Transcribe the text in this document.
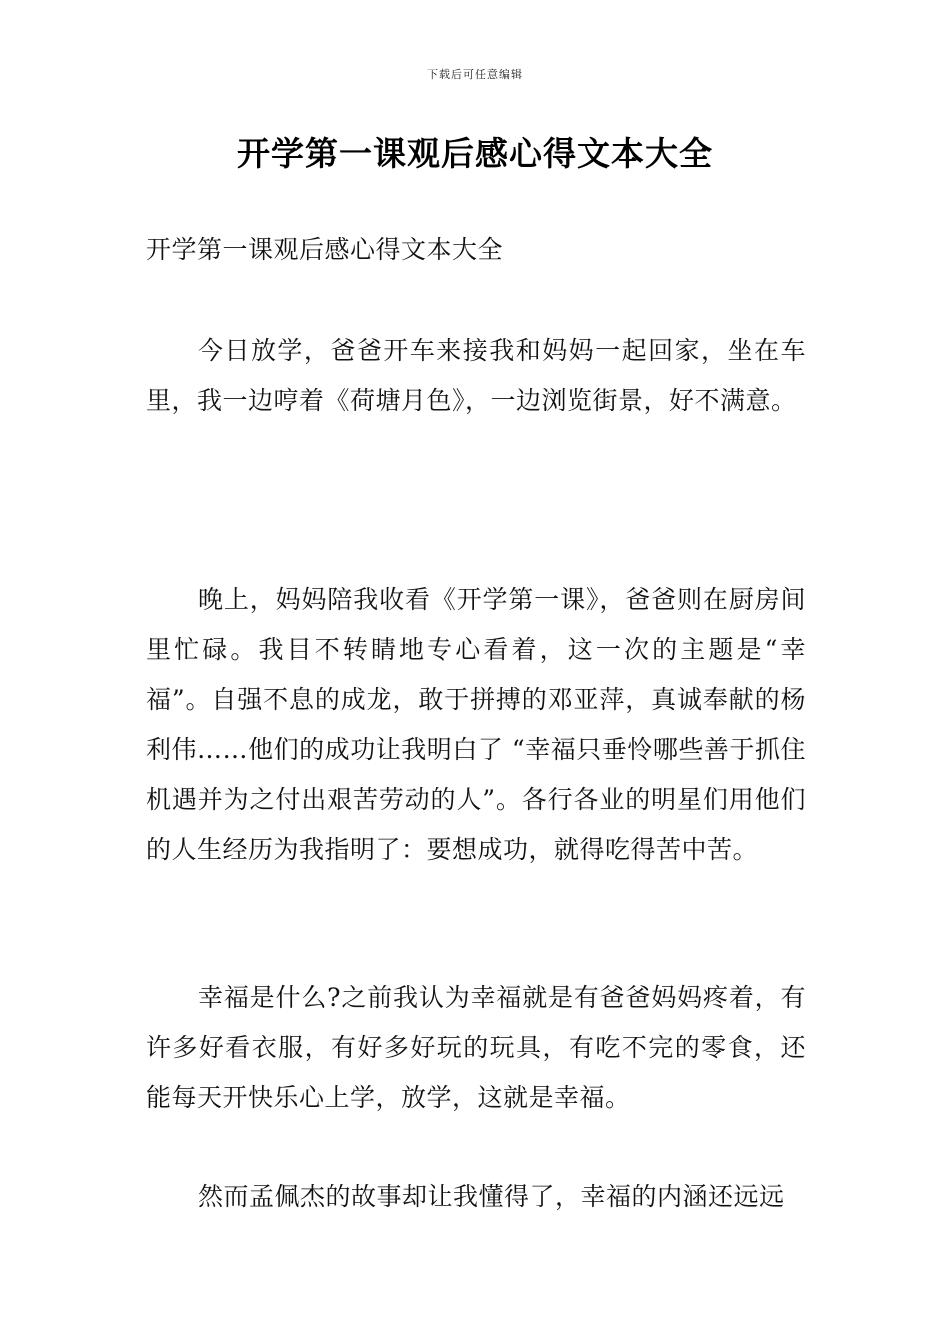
下载后可任意编辑
开学第一课观后感心得文本大全

开学第一课观后感心得文本大全

今日放学，爸爸开车来接我和妈妈一起回家，坐在车里，我一边哼着《荷塘月色》，一边浏览街景，好不满意。

晚上，妈妈陪我收看《开学第一课》，爸爸则在厨房间里忙碌。我目不转睛地专心看着，这一次的主题是“幸福”。自强不息的成龙，敢于拼搏的邓亚萍，真诚奉献的杨利伟……他们的成功让我明白了 “幸福只垂怜哪些善于抓住机遇并为之付出艰苦劳动的人”。各行各业的明星们用他们的人生经历为我指明了：要想成功，就得吃得苦中苦。

幸福是什么?之前我认为幸福就是有爸爸妈妈疼着，有许多好看衣服，有好多好玩的玩具，有吃不完的零食，还能每天开快乐心上学，放学，这就是幸福。

然而孟佩杰的故事却让我懂得了，幸福的内涵还远远
